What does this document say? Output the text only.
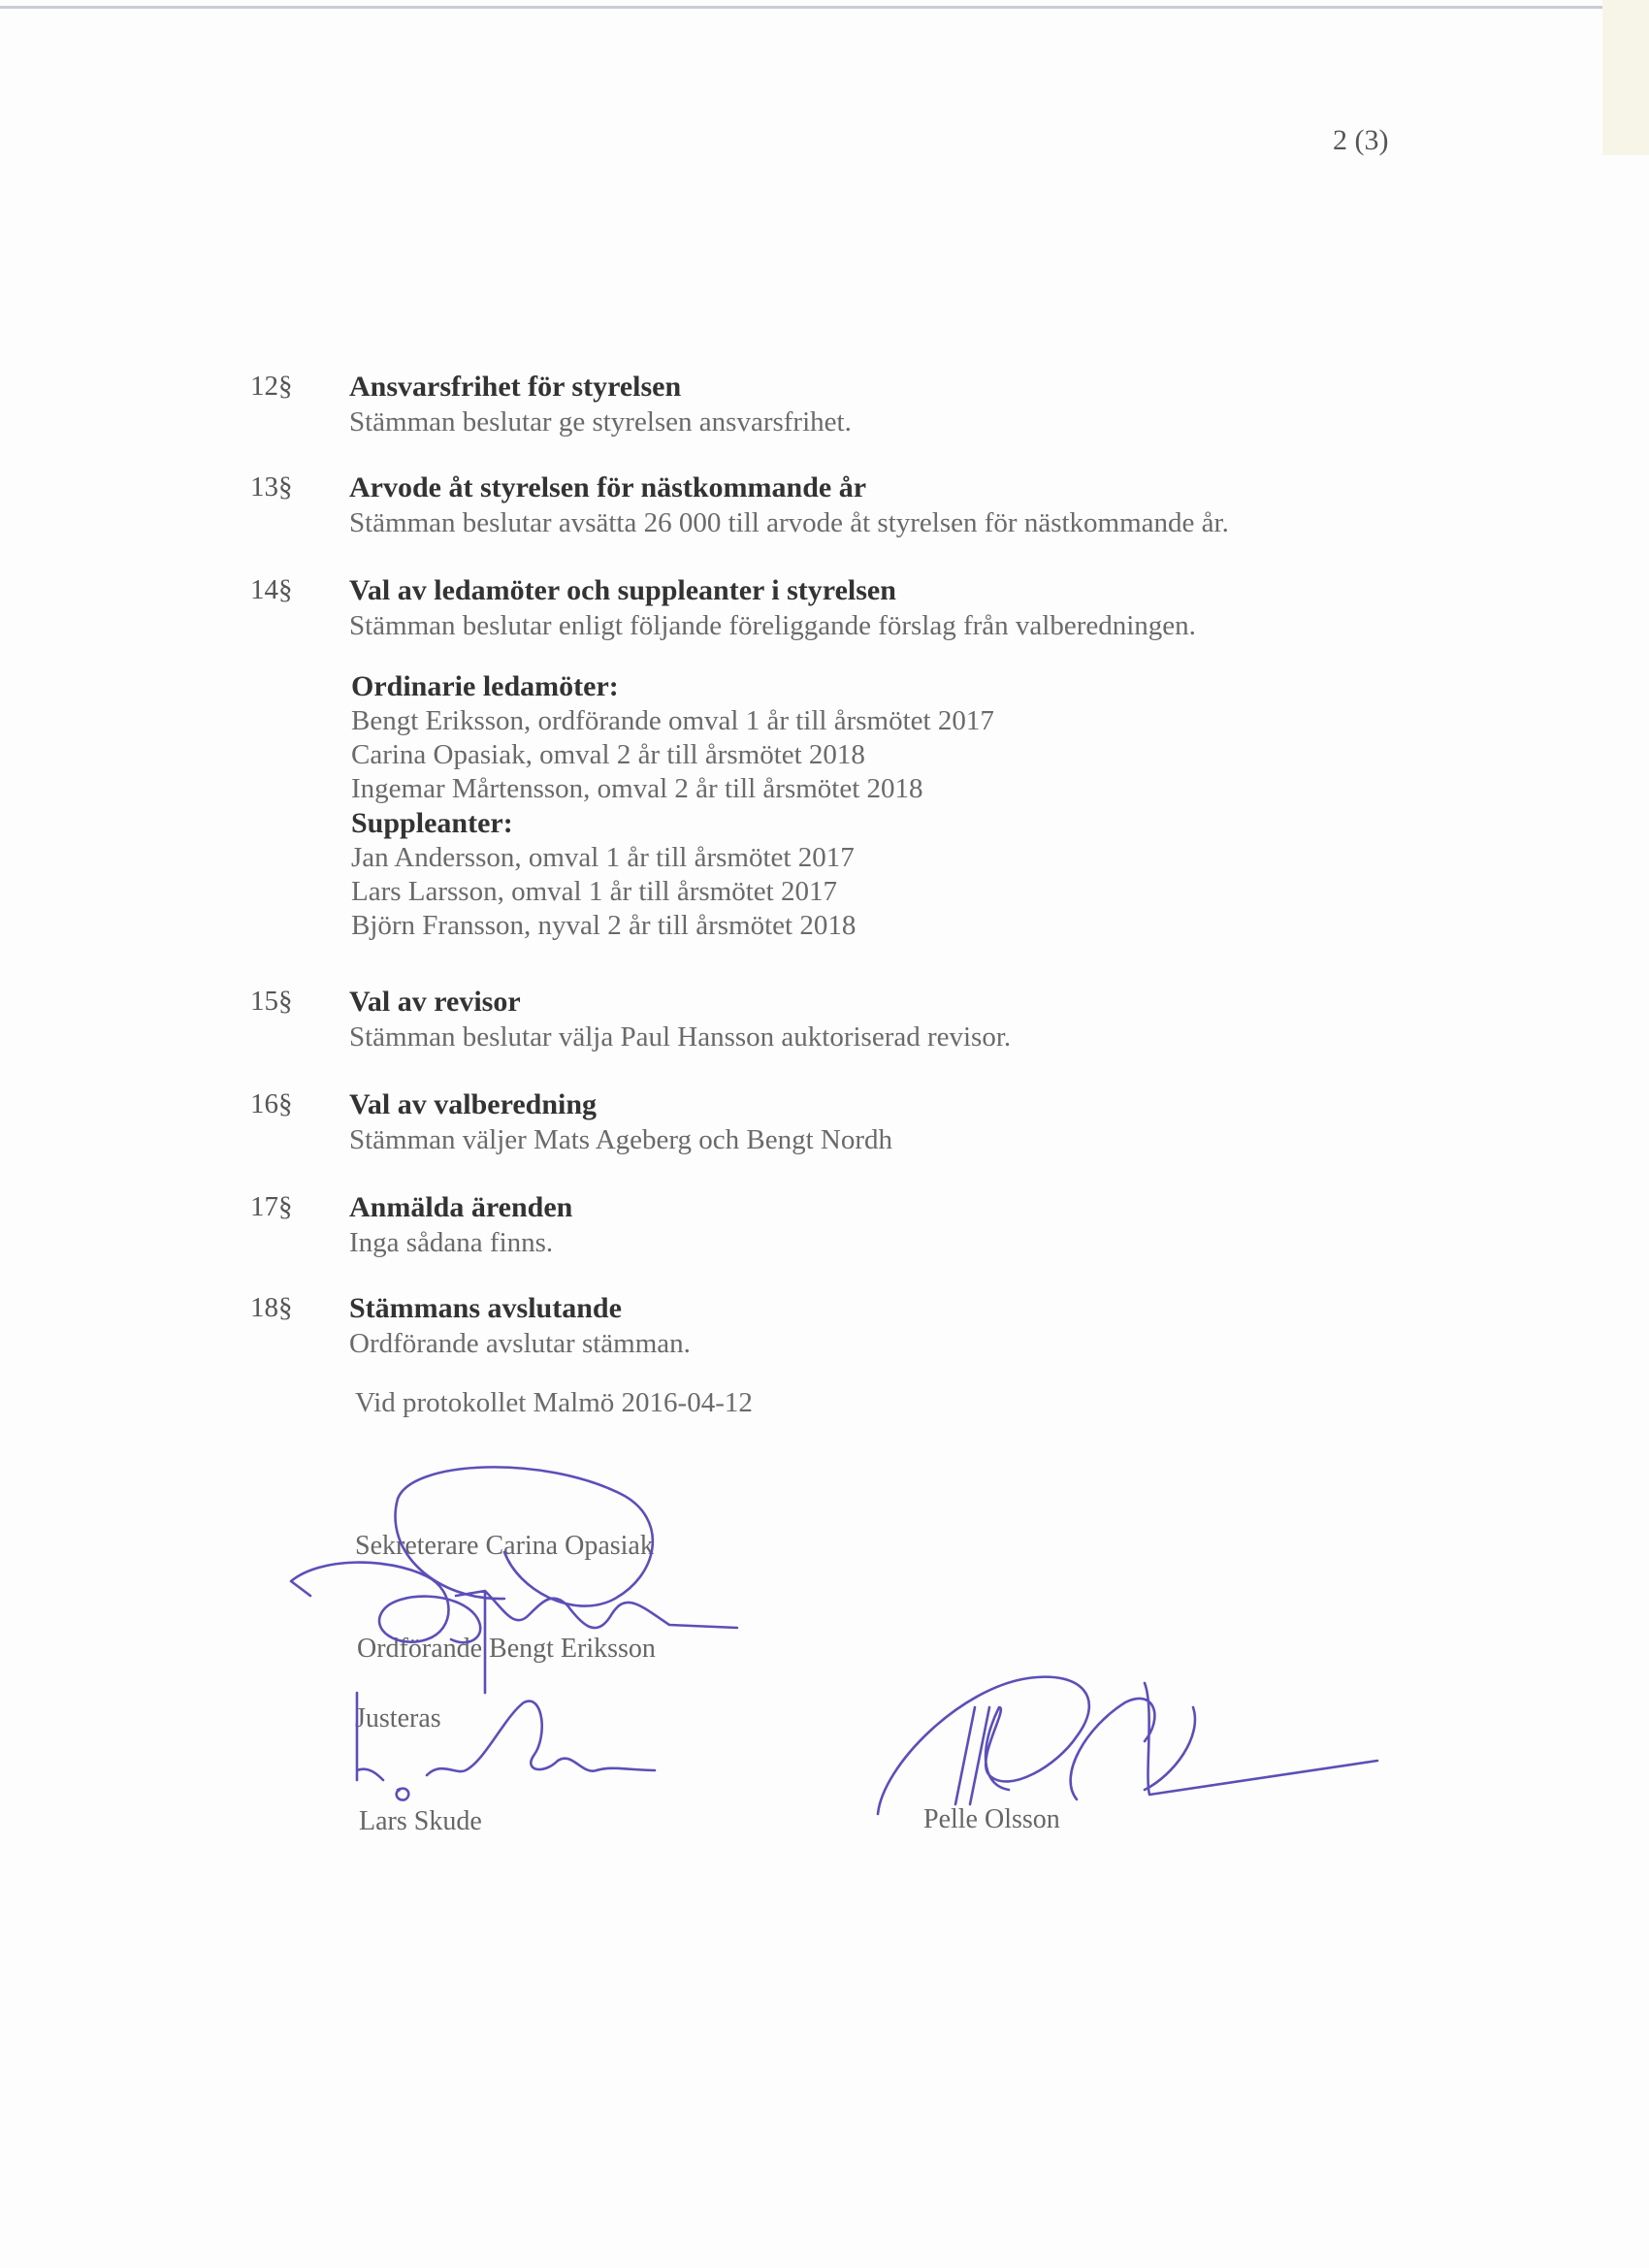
2 (3)
12§ Ansvarsfrihet för styrelsen
Stämman beslutar ge styrelsen ansvarsfrihet.
13§ Arvode åt styrelsen för nästkommande år
Stämman beslutar avsätta 26 000 till arvode åt styrelsen för nästkommande år.
14§ Val av ledamöter och suppleanter i styrelsen
Stämman beslutar enligt följande föreliggande förslag från valberedningen.
Ordinarie ledamöter:
Bengt Eriksson, ordförande omval 1 år till årsmötet 2017
Carina Opasiak, omval 2 år till årsmötet 2018
Ingemar Mårtensson, omval 2 år till årsmötet 2018
Suppleanter:
Jan Andersson, omval 1 år till årsmötet 2017
Lars Larsson, omval 1 år till årsmötet 2017
Björn Fransson, nyval 2 år till årsmötet 2018
15§ Val av revisor
Stämman beslutar välja Paul Hansson auktoriserad revisor.
16§ Val av valberedning
Stämman väljer Mats Ageberg och Bengt Nordh
17§ Anmälda ärenden
Inga sådana finns.
18§ Stämmans avslutande
Ordförande avslutar stämman.
Vid protokollet Malmö 2016-04-12
Sekreterare Carina Opasiak
Ordförande Bengt Eriksson
Justeras
Lars Skude	Pelle Olsson
